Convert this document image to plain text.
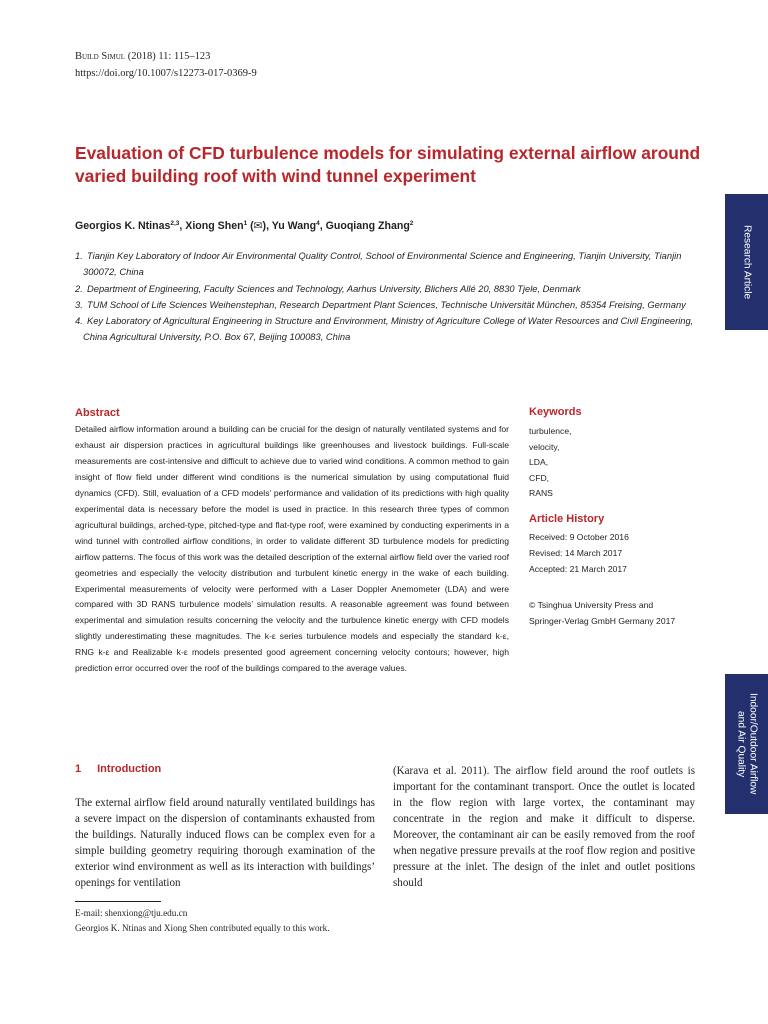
Build Simul (2018) 11: 115–123
https://doi.org/10.1007/s12273-017-0369-9
Evaluation of CFD turbulence models for simulating external airflow around varied building roof with wind tunnel experiment
Georgios K. Ntinas$^{2,3}$, Xiong Shen$^1$ (✉), Yu Wang$^4$, Guoqiang Zhang$^2$
1. Tianjin Key Laboratory of Indoor Air Environmental Quality Control, School of Environmental Science and Engineering, Tianjin University, Tianjin 300072, China
2. Department of Engineering, Faculty Sciences and Technology, Aarhus University, Blichers Allé 20, 8830 Tjele, Denmark
3. TUM School of Life Sciences Weihenstephan, Research Department Plant Sciences, Technische Universität München, 85354 Freising, Germany
4. Key Laboratory of Agricultural Engineering in Structure and Environment, Ministry of Agriculture College of Water Resources and Civil Engineering, China Agricultural University, P.O. Box 67, Beijing 100083, China
Research Article
Indoor/Outdoor Airflow
and Air Quality
Abstract

Detailed airflow information around a building can be crucial for the design of naturally ventilated systems and for exhaust air dispersion practices in agricultural buildings like greenhouses and livestock buildings. Full-scale measurements are cost-intensive and difficult to achieve due to varied wind conditions. A common method to gain insight of flow field under different wind conditions is the numerical simulation by using computational fluid dynamics (CFD). Still, evaluation of a CFD models’ performance and validation of its predictions with high quality experimental data is necessary before the model is used in practice. In this research three types of common agricultural buildings, arched-type, pitched-type and flat-type roof, were examined by conducting experiments in a wind tunnel with controlled airflow conditions, in order to validate different 3D turbulence models for predicting airflow patterns. The focus of this work was the detailed description of the external airflow field over the varied roof geometries and especially the velocity distribution and turbulent kinetic energy in the wake of each building. Experimental measurements of velocity were performed with a Laser Doppler Anemometer (LDA) and were compared with 3D RANS turbulence models’ simulation results. A reasonable agreement was found between experimental and simulation results concerning the velocity and the turbulence kinetic energy with CFD models slightly underestimating these magnitudes. The k-ε series turbulence models and especially the standard k-ε, RNG k-ε and Realizable k-ε models presented good agreement concerning velocity contours; however, high prediction error occurred over the roof of the buildings compared to the average values.

Keywords
turbulence,
velocity,
LDA,
CFD,
RANS
Article History
Received: 9 October 2016
Revised: 14 March 2017
Accepted: 21 March 2017
© Tsinghua University Press and
Springer-Verlag GmbH Germany 2017
1 Introduction

The external airflow field around naturally ventilated buildings has a severe impact on the dispersion of contaminants exhausted from the buildings. Naturally induced flows can be complex even for a simple building geometry requiring thorough examination of the exterior wind environment as well as its interaction with buildings’ openings for ventilation

(Karava et al. 2011). The airflow field around the roof outlets is important for the contaminant transport. Once the outlet is located in the flow region with large vortex, the contaminant may concentrate in the region and make it difficult to disperse. Moreover, the contaminant air can be easily removed from the roof when negative pressure prevails at the roof flow region and positive pressure at the inlet. The design of the inlet and outlet positions should

E-mail: shenxiong@tju.edu.cn
Georgios K. Ntinas and Xiong Shen contributed equally to this work.
